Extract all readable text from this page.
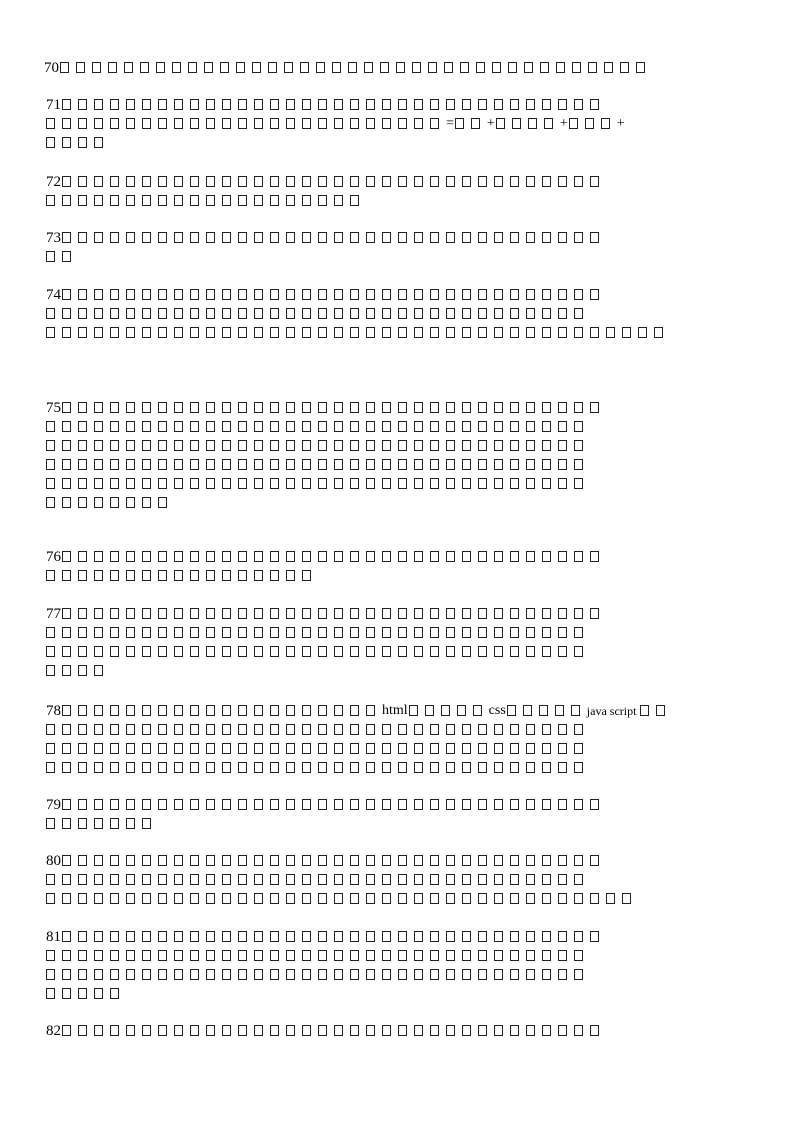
70
71
= +	+	+
72
73
74
75
76
77
78	html	css	java script
79
80
81
82
